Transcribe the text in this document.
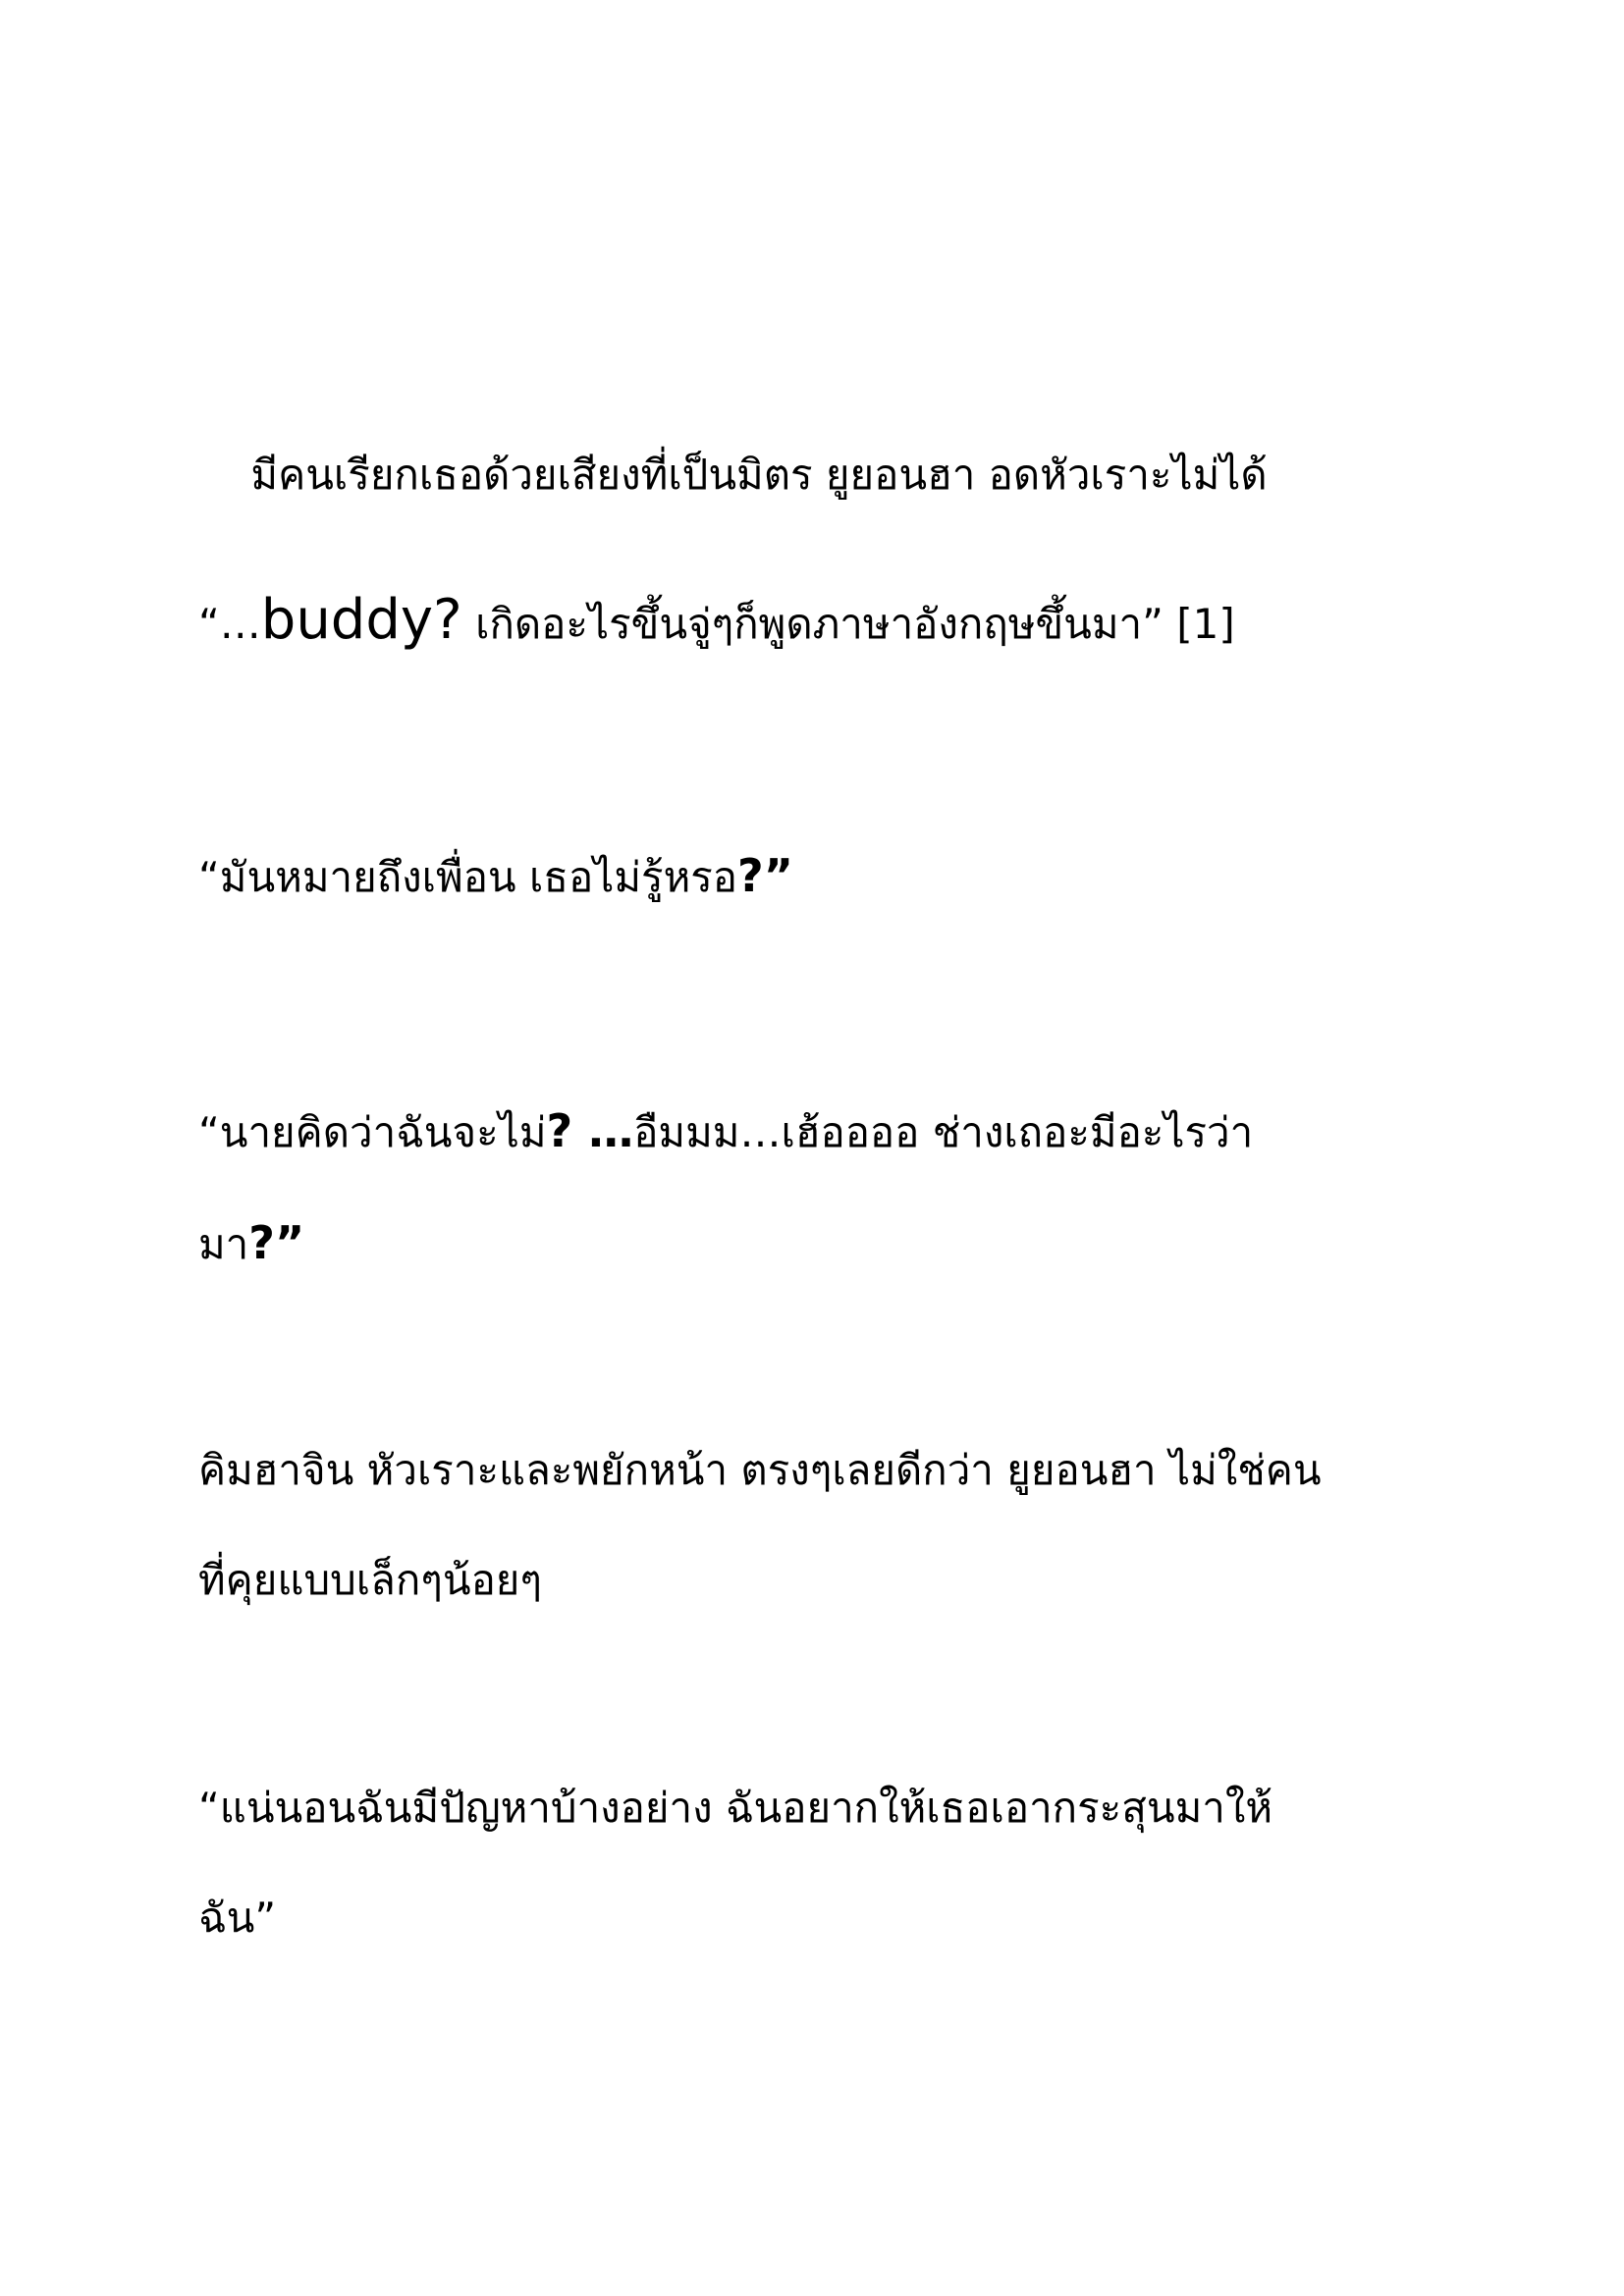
มีคนเรียกเธอด้วยเสียงที่เป็นมิตร ยูยอนฮา อดหัวเราะไม่ได้

“…buddy? เกิดอะไรขึ้นจู่ๆก็พูดภาษาอังกฤษขึ้นมา” [1]

“มันหมายถึงเพื่อน เธอไม่รู้หรอ?”

“นายคิดว่าฉันจะไม่? …อืมมม…เฮ้ออออ ช่างเถอะมีอะไรว่า
มา?”

คิมฮาจิน หัวเราะและพยักหน้า ตรงๆเลยดีกว่า ยูยอนฮา ไม่ใช่คน
ที่คุยแบบเล็กๆน้อยๆ

“แน่นอนฉันมีปัญหาบ้างอย่าง ฉันอยากให้เธอเอากระสุนมาให้
ฉัน”
